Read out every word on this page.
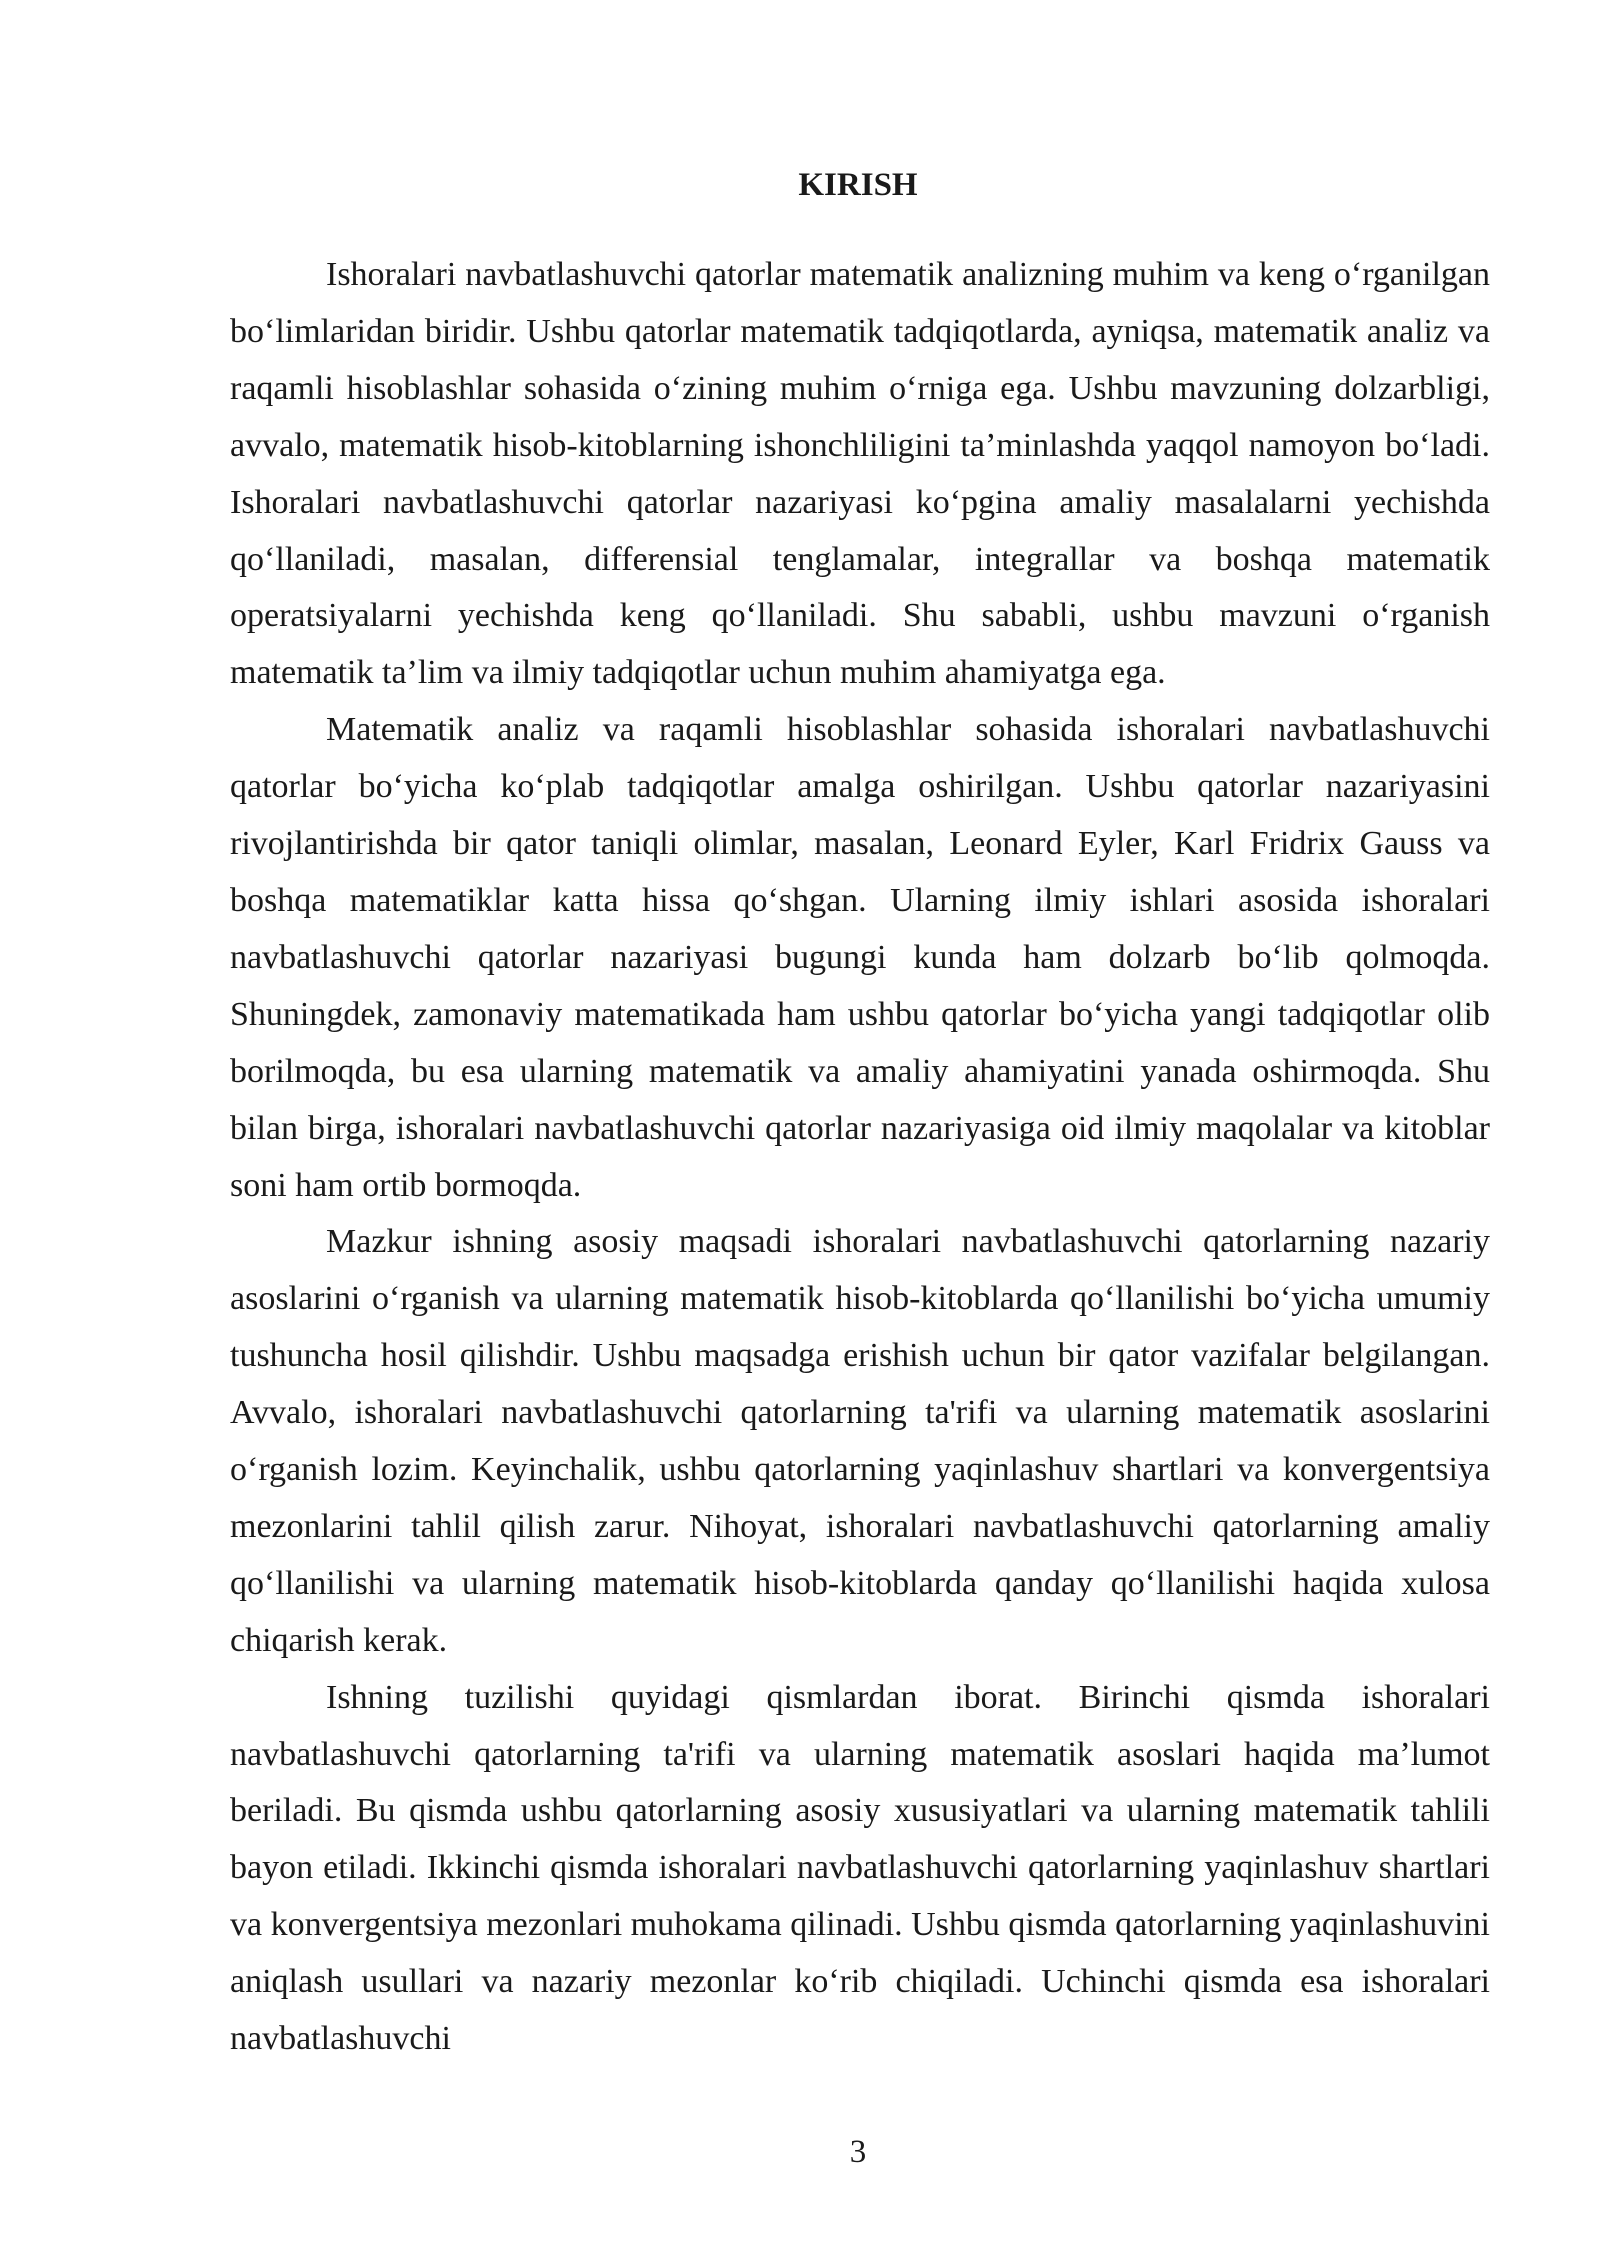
KIRISH

Ishoralari navbatlashuvchi qatorlar matematik analizning muhim va keng o‘rganilgan bo‘limlaridan biridir. Ushbu qatorlar matematik tadqiqotlarda, ayniqsa, matematik analiz va raqamli hisoblashlar sohasida o‘zining muhim o‘rniga ega. Ushbu mavzuning dolzarbligi, avvalo, matematik hisob-kitoblarning ishonchliligini ta’minlashda yaqqol namoyon bo‘ladi. Ishoralari navbatlashuvchi qatorlar nazariyasi ko‘pgina amaliy masalalarni yechishda qo‘llaniladi, masalan, differensial tenglamalar, integrallar va boshqa matematik operatsiyalarni yechishda keng qo‘llaniladi. Shu sababli, ushbu mavzuni o‘rganish matematik ta’lim va ilmiy tadqiqotlar uchun muhim ahamiyatga ega.

Matematik analiz va raqamli hisoblashlar sohasida ishoralari navbatlashuvchi qatorlar bo‘yicha ko‘plab tadqiqotlar amalga oshirilgan. Ushbu qatorlar nazariyasini rivojlantirishda bir qator taniqli olimlar, masalan, Leonard Eyler, Karl Fridrix Gauss va boshqa matematiklar katta hissa qo‘shgan. Ularning ilmiy ishlari asosida ishoralari navbatlashuvchi qatorlar nazariyasi bugungi kunda ham dolzarb bo‘lib qolmoqda. Shuningdek, zamonaviy matematikada ham ushbu qatorlar bo‘yicha yangi tadqiqotlar olib borilmoqda, bu esa ularning matematik va amaliy ahamiyatini yanada oshirmoqda. Shu bilan birga, ishoralari navbatlashuvchi qatorlar nazariyasiga oid ilmiy maqolalar va kitoblar soni ham ortib bormoqda.

Mazkur ishning asosiy maqsadi ishoralari navbatlashuvchi qatorlarning nazariy asoslarini o‘rganish va ularning matematik hisob-kitoblarda qo‘llanilishi bo‘yicha umumiy tushuncha hosil qilishdir. Ushbu maqsadga erishish uchun bir qator vazifalar belgilangan. Avvalo, ishoralari navbatlashuvchi qatorlarning ta'rifi va ularning matematik asoslarini o‘rganish lozim. Keyinchalik, ushbu qatorlarning yaqinlashuv shartlari va konvergentsiya mezonlarini tahlil qilish zarur. Nihoyat, ishoralari navbatlashuvchi qatorlarning amaliy qo‘llanilishi va ularning matematik hisob-kitoblarda qanday qo‘llanilishi haqida xulosa chiqarish kerak.

Ishning tuzilishi quyidagi qismlardan iborat. Birinchi qismda ishoralari navbatlashuvchi qatorlarning ta'rifi va ularning matematik asoslari haqida ma’lumot beriladi. Bu qismda ushbu qatorlarning asosiy xususiyatlari va ularning matematik tahlili bayon etiladi. Ikkinchi qismda ishoralari navbatlashuvchi qatorlarning yaqinlashuv shartlari va konvergentsiya mezonlari muhokama qilinadi. Ushbu qismda qatorlarning yaqinlashuvini aniqlash usullari va nazariy mezonlar ko‘rib chiqiladi. Uchinchi qismda esa ishoralari navbatlashuvchi

3
